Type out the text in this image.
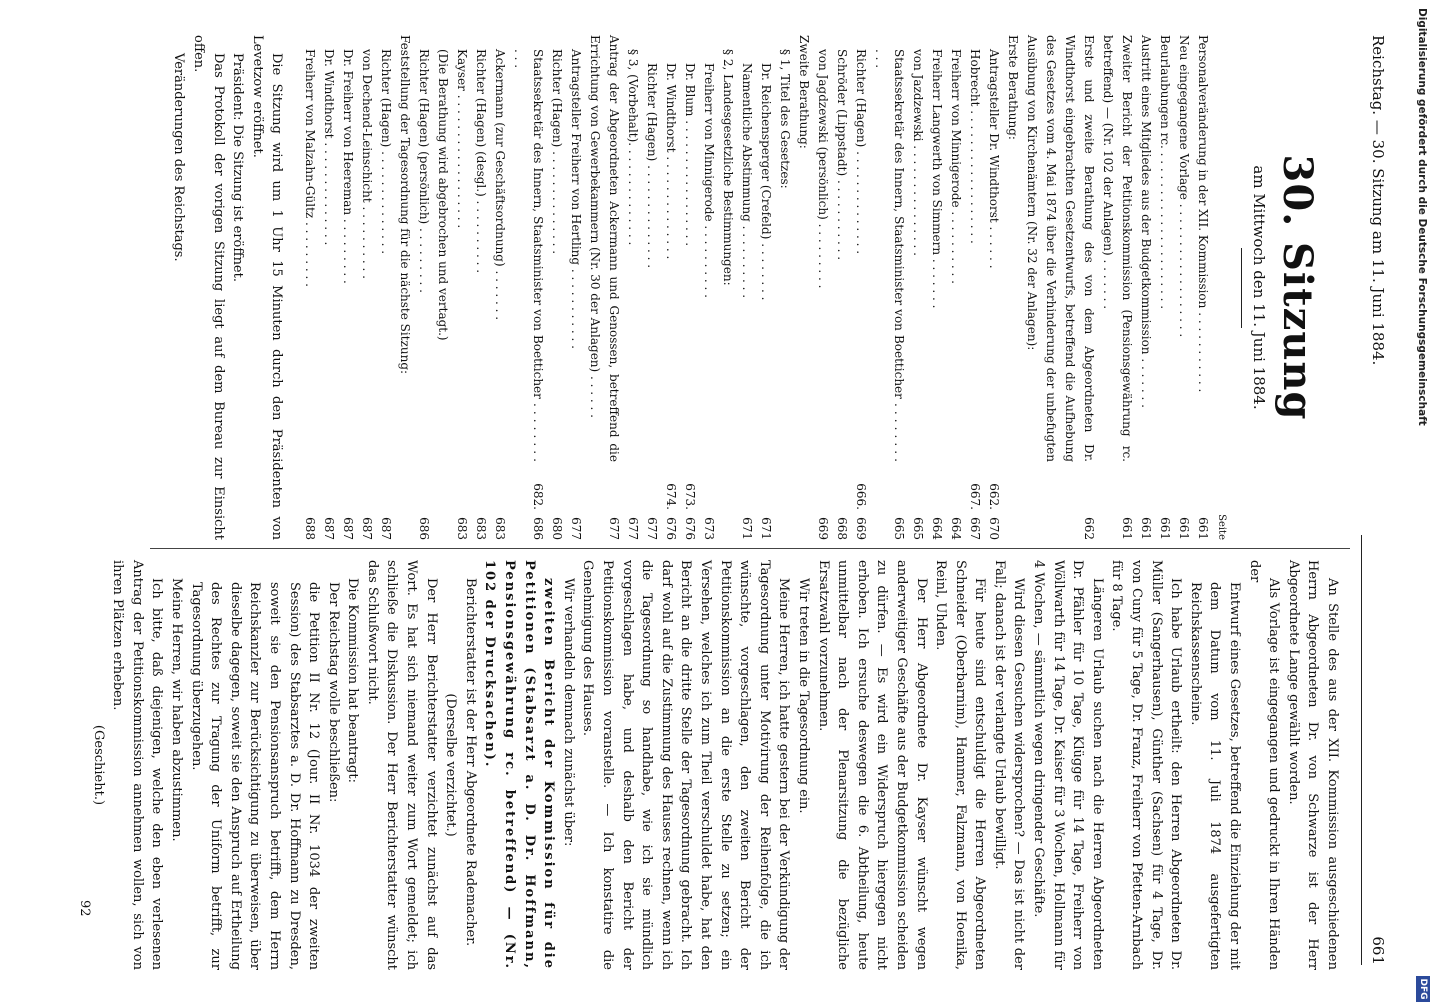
Reichstag. — 30. Sitzung am 11. Juni 1884.
661
30. Sitzung
am Mittwoch den 11. Juni 1884.
		Seite
Personalveränderung in der XII. Kommission . . . . . . . . . . .		661
Neu eingegangene Vorlage . . . . . . . . . . . . . . . . . .		661
Beurlaubungen rc. . . . . . . . . . . . . . . . . . . . . .		661
Austritt eines Mitgliedes aus der Budgetkommission . . . . . . .		661
Zweiter Bericht der Petitionskommission (Pensionsgewährung rc. betreffend) — (Nr. 102 der Anlagen) . . . . . . .		661
Erste und zweite Berathung des von dem Abgeordneten Dr. Windthorst eingebrachten Gesetzentwurfs, betreffend die Aufhebung des Gesetzes vom 4. Mai 1874 über die Verhinderung der unbefugten Ausübung von Kirchenämtern (Nr. 32 der Anlagen):		662
Erste Berathung:		
Antragsteller Dr. Windthorst . . . . . .	662.	670
Hobrecht . . . . . . . . . . . . . . . . . .	667.	667
Freiherr von Minnigerode . . . . . . . . . .		664
Freiherr Langwerth von Simmern . . . . . . .		664
von Jazdzewski . . . . . . . . . . . . . . .		665
Staatssekretär des Innern, Staatsminister von Boetticher . . . . . . . . . . .		665
Richter (Hagen) . . . . . . . . . . . . . .	666.	669
Schröder (Lippstadt) . . . . . . . . . . .		668
von Jagdzewski (persönlich) . . . . . . . . .		669
Zweite Berathung:		
§ 1, Titel des Gesetzes:		
Dr. Reichensperger (Crefeld) . . . . . . . .		671
Namentliche Abstimmung . . . . . . . . . .		671
§ 2, Landesgesetzliche Bestimmungen:		
Freiherr von Minnigerode . . . . . . . . . .		673
Dr. Blum . . . . . . . . . . . . . . . . .	673.	676
Dr. Windthorst . . . . . . . . . . . . . .	674.	676
Richter (Hagen) . . . . . . . . . . . . . .		677
§ 3, (Vorbehalt). . . . . . . . . . . . . .		677
Antrag der Abgeordneten Ackermann und Genossen, betreffend die Errichtung von Gewerbekammern (Nr. 30 der Anlagen) . . . . . .		677
Antragsteller Freiherr von Hertling . . . . . . . . . . .		677
Richter (Hagen) . . . . . . . . . . . . . .		680
Staatssekretär des Innern, Staatsminister von Boetticher . . . . . . . . . . .	682.	686
Ackermann (zur Geschäftsordnung) . . . . . . .		683
Richter (Hagen) (desgl.) . . . . . . . . . .		683
Kayser . . . . . . . . . . . . . . . . . .		683
(Die Berathung wird abgebrochen und vertagt.)		
Richter (Hagen) (persönlich) . . . . . . . . .		686
Feststellung der Tagesordnung für die nächste Sitzung:		
Richter (Hagen) . . . . . . . . . . . . . .		687
von Dechend-Leinschicht . . . . . . . . . .		687
Dr. Freiherr von Heereman . . . . . . . . .		687
Dr. Windthorst . . . . . . . . . . . . . .		687
Freiherr von Malzahn-Gültz . . . . . . . . .		688

Die Sitzung wird um 1 Uhr 15 Minuten durch den Präsidenten von Levetzow eröffnet.

Präsident: Die Sitzung ist eröffnet.

Das Protokoll der vorigen Sitzung liegt auf dem Bureau zur Einsicht offen.

Veränderungen des Reichstags.

An Stelle des aus der XII. Kommission ausgeschiedenen Herrn Abgeordneten Dr. von Schwarze ist der Herr Abgeordnete Lange gewählt worden.

Als Vorlage ist eingegangen und gedruckt in Ihren Händen der

Entwurf eines Gesetzes, betreffend die Einziehung der mit dem Datum vom 11. Juli 1874 ausgefertigten Reichskassenscheine.

Ich habe Urlaub ertheilt: den Herren Abgeordneten Dr. Müller (Sangerhausen), Günther (Sachsen) für 4 Tage, Dr. von Cuny für 5 Tage, Dr. Franz, Freiherr von Pfetten-Arnbach für 8 Tage.

Längeren Urlaub suchen nach die Herren Abgeordneten Dr. Pfähler für 10 Tage, Klügge für 14 Tage, Freiherr von Wöllwarth für 14 Tage, Dr. Kaiser für 3 Wochen, Hollmann für 4 Wochen, — sämmtlich wegen dringender Geschäfte.

Wird diesen Gesuchen widersprochen? — Das ist nicht der Fall; danach ist der verlangte Urlaub bewilligt.

Für heute sind entschuldigt die Herren Abgeordneten Schneider (Oberbarnim), Hammer, Falzmann, von Hoenika, Reinl, Uhden.

Der Herr Abgeordnete Dr. Kayser wünscht wegen anderweitiger Geschäfte aus der Budgetkommission scheiden zu dürfen. — Es wird ein Widerspruch hiergegen nicht erhoben. Ich ersuche deswegen die 6. Abtheilung, heute unmittelbar nach der Plenarsitzung die bezügliche Ersatzwahl vorzunehmen.

Wir treten in die Tagesordnung ein.

Meine Herren, ich hatte gestern bei der Verkündigung der Tagesordnung unter Motivirung der Reihenfolge, die ich wünschte, vorgeschlagen, den zweiten Bericht der Petitionskommission an die erste Stelle zu setzen; ein Versehen, welches ich zum Theil verschuldet habe, hat den Bericht an die dritte Stelle der Tagesordnung gebracht. Ich darf wohl auf die Zustimmung des Hauses rechnen, wenn ich die Tagesordnung so handhabe, wie ich sie mündlich vorgeschlagen habe, und deshalb den Bericht der Petitionskommission voranstelle. — Ich konstatire die Genehmigung des Hauses.

Wir verhandeln demnach zunächst über:

zweiten Bericht der Kommission für die Petitionen (Stabsarzt a. D. Dr. Hoffmann, Pensionsgewährung rc. betreffend) — (Nr. 102 der Drucksachen).

Berichterstatter ist der Herr Abgeordnete Rademacher.

(Derselbe verzichtet.)

Der Herr Berichterstatter verzichtet zunächst auf das Wort. Es hat sich niemand weiter zum Wort gemeldet; ich schließe die Diskussion. Der Herr Berichterstatter wünscht das Schlußwort nicht.

Die Kommission hat beantragt:

Der Reichstag wolle beschließen:

die Petition II Nr. 12 (Jour. II Nr. 1034 der zweiten Session) des Stabsarztes a. D. Dr. Hoffmann zu Dresden, soweit sie den Pensionsanspruch betrifft, dem Herrn Reichskanzler zur Berücksichtigung zu überweisen, über dieselbe dagegen, soweit sie den Anspruch auf Ertheilung des Rechtes zur Tragung der Uniform betrifft, zur Tagesordnung überzugehen.

Meine Herren, wir haben abzustimmen.

Ich bitte, daß diejenigen, welche den eben verlesenen Antrag der Petitionskommission annehmen wollen, sich von ihren Plätzen erheben.

(Geschieht.)

92
Digitalisierung gefördert durch die Deutsche Forschungsgemeinschaft
DFG
